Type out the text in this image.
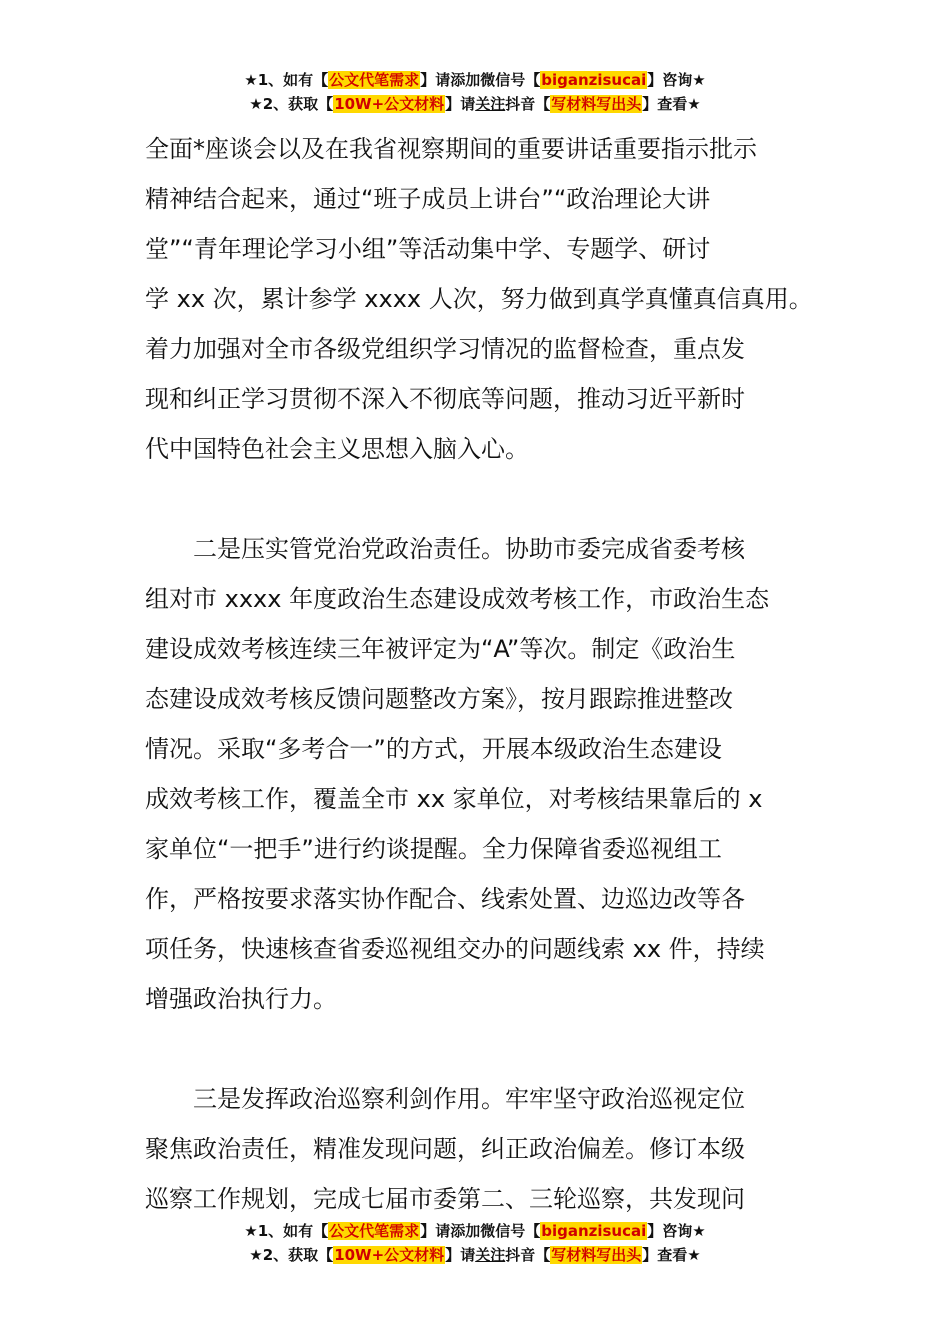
★1、如有【公文代笔需求】请添加微信号【biganzisucai】咨询★
★2、获取【10W+公文材料】请关注抖音【写材料写出头】查看★

全面*座谈会以及在我省视察期间的重要讲话重要指示批示

精神结合起来，通过“班子成员上讲台”“政治理论大讲

堂”“青年理论学习小组”等活动集中学、专题学、研讨

学 xx 次，累计参学 xxxx 人次，努力做到真学真懂真信真用。

着力加强对全市各级党组织学习情况的监督检查，重点发

现和纠正学习贯彻不深入不彻底等问题，推动习近平新时

代中国特色社会主义思想入脑入心。

二是压实管党治党政治责任。协助市委完成省委考核

组对市 xxxx 年度政治生态建设成效考核工作，市政治生态

建设成效考核连续三年被评定为“A”等次。制定《政治生

态建设成效考核反馈问题整改方案》，按月跟踪推进整改

情况。采取“多考合一”的方式，开展本级政治生态建设

成效考核工作，覆盖全市 xx 家单位，对考核结果靠后的 x

家单位“一把手”进行约谈提醒。全力保障省委巡视组工

作，严格按要求落实协作配合、线索处置、边巡边改等各

项任务，快速核查省委巡视组交办的问题线索 xx 件，持续

增强政治执行力。

三是发挥政治巡察利剑作用。牢牢坚守政治巡视定位

聚焦政治责任，精准发现问题，纠正政治偏差。修订本级

巡察工作规划，完成七届市委第二、三轮巡察，共发现问

★1、如有【公文代笔需求】请添加微信号【biganzisucai】咨询★
★2、获取【10W+公文材料】请关注抖音【写材料写出头】查看★
